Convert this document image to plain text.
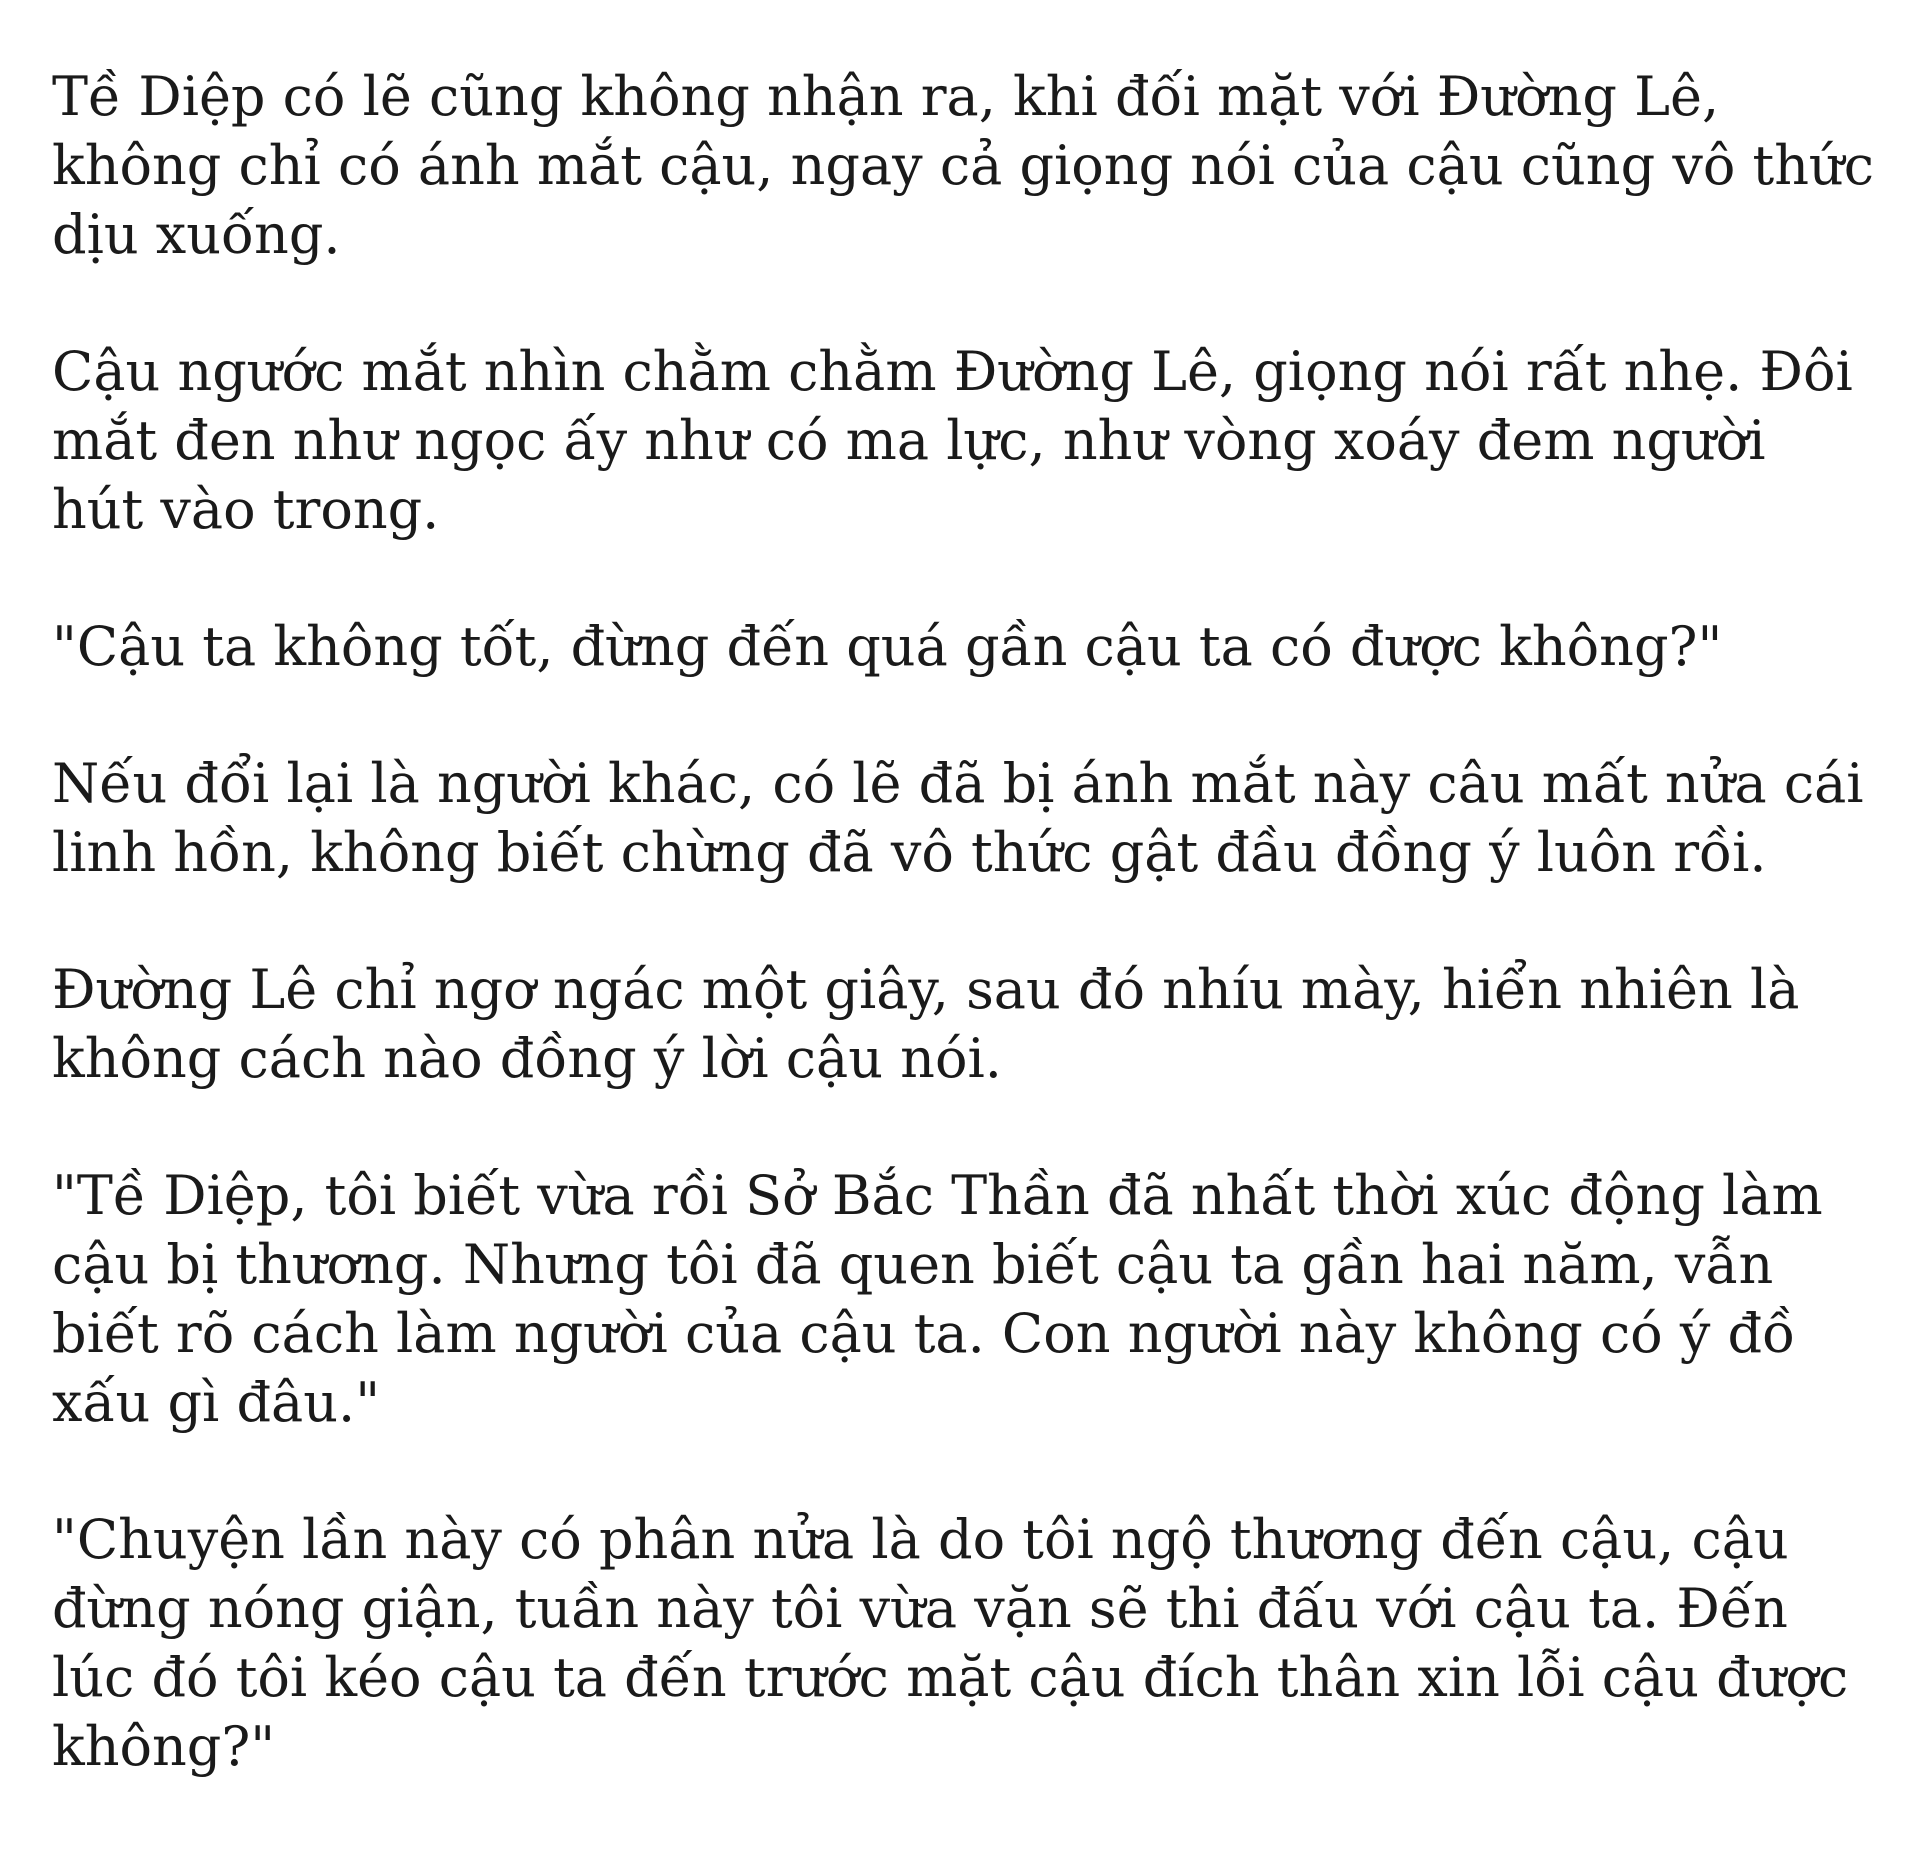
Tề Diệp có lẽ cũng không nhận ra, khi đối mặt với Đường Lê,
không chỉ có ánh mắt cậu, ngay cả giọng nói của cậu cũng vô thức
dịu xuống.

Cậu ngước mắt nhìn chằm chằm Đường Lê, giọng nói rất nhẹ. Đôi
mắt đen như ngọc ấy như có ma lực, như vòng xoáy đem người
hút vào trong.

"Cậu ta không tốt, đừng đến quá gần cậu ta có được không?"

Nếu đổi lại là người khác, có lẽ đã bị ánh mắt này câu mất nửa cái
linh hồn, không biết chừng đã vô thức gật đầu đồng ý luôn rồi.

Đường Lê chỉ ngơ ngác một giây, sau đó nhíu mày, hiển nhiên là
không cách nào đồng ý lời cậu nói.

"Tề Diệp, tôi biết vừa rồi Sở Bắc Thần đã nhất thời xúc động làm
cậu bị thương. Nhưng tôi đã quen biết cậu ta gần hai năm, vẫn
biết rõ cách làm người của cậu ta. Con người này không có ý đồ
xấu gì đâu."

"Chuyện lần này có phân nửa là do tôi ngộ thương đến cậu, cậu
đừng nóng giận, tuần này tôi vừa vặn sẽ thi đấu với cậu ta. Đến
lúc đó tôi kéo cậu ta đến trước mặt cậu đích thân xin lỗi cậu được
không?"
